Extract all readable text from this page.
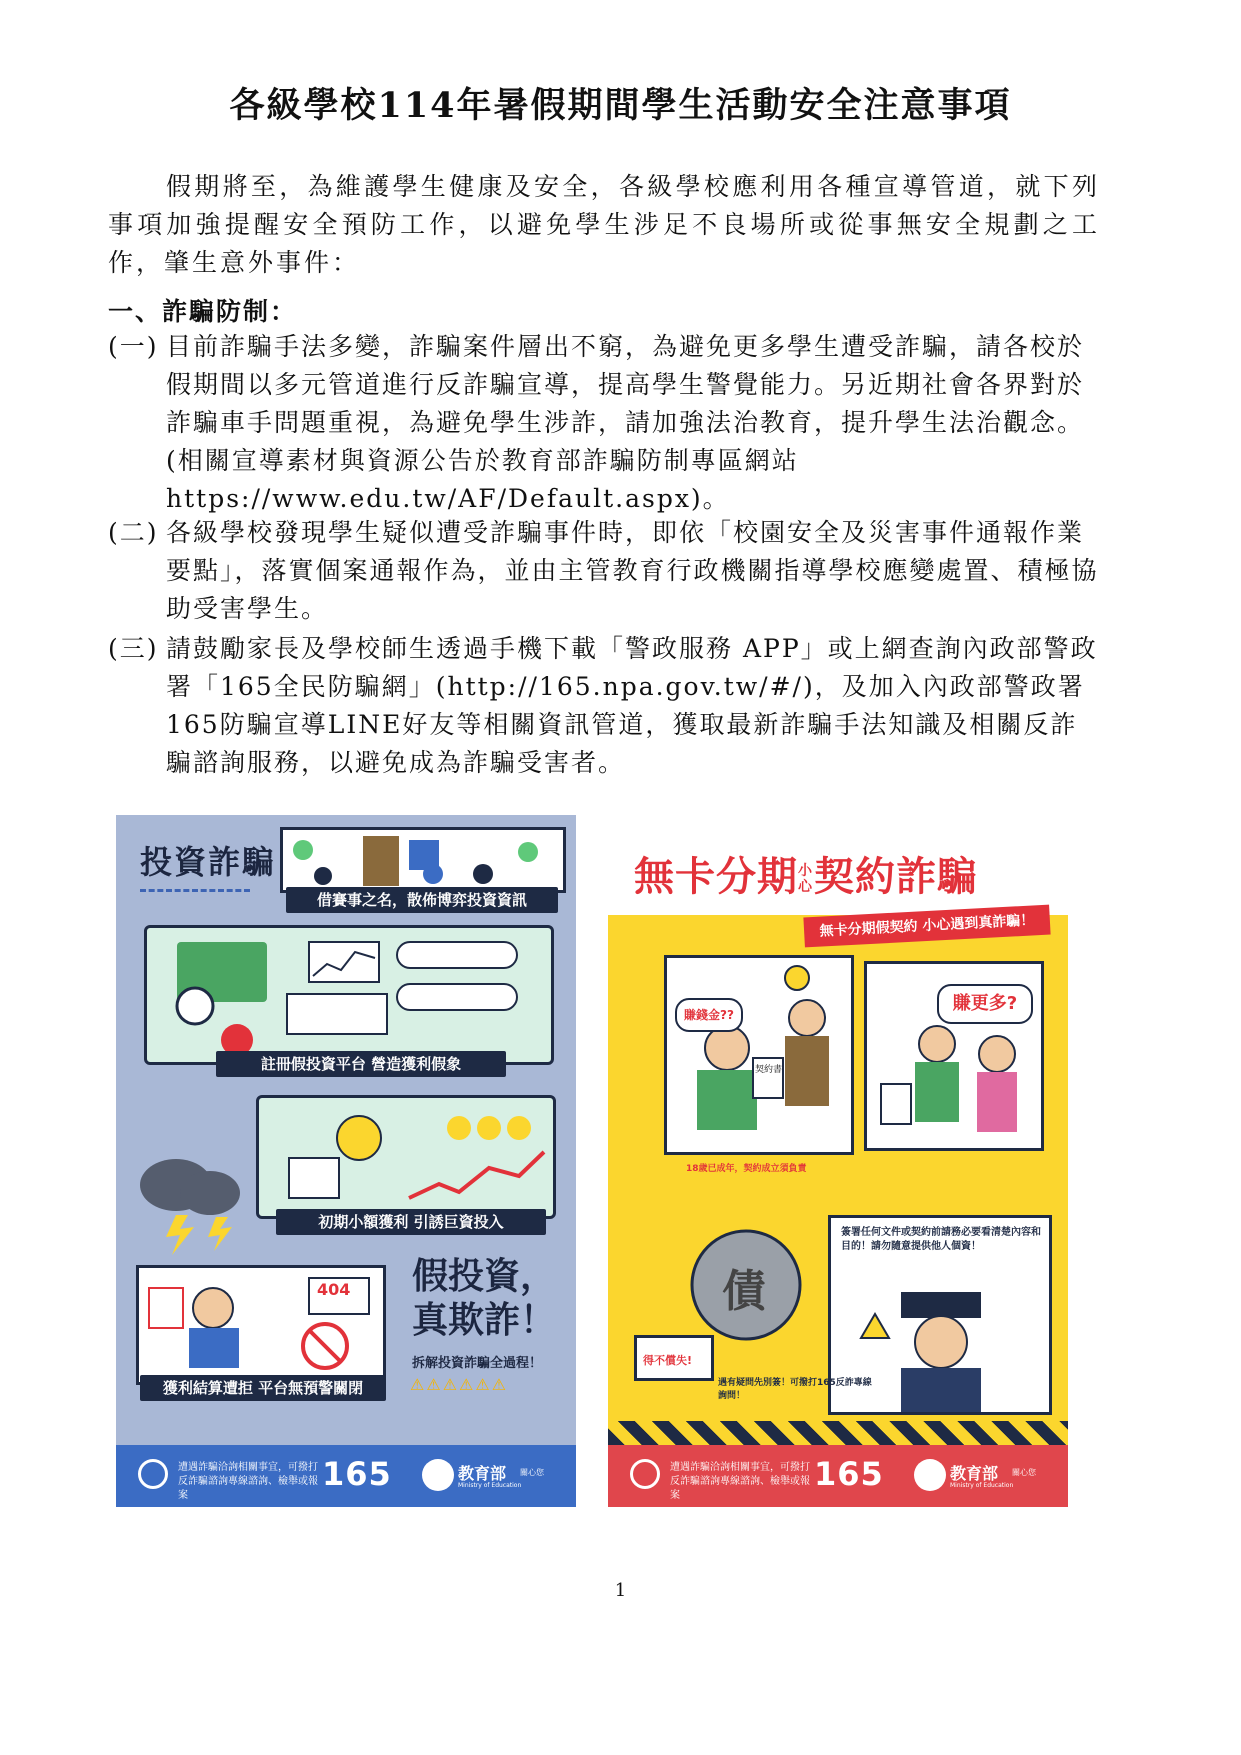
各級學校114年暑假期間學生活動安全注意事項
假期將至，為維護學生健康及安全，各級學校應利用各種宣導管道，就下列事項加強提醒安全預防工作，以避免學生涉足不良場所或從事無安全規劃之工作，肇生意外事件：
一、詐騙防制：
(一) 目前詐騙手法多變，詐騙案件層出不窮，為避免更多學生遭受詐騙，請各校於假期間以多元管道進行反詐騙宣導，提高學生警覺能力。另近期社會各界對於詐騙車手問題重視，為避免學生涉詐，請加強法治教育，提升學生法治觀念。(相關宣導素材與資源公告於教育部詐騙防制專區網站 https://www.edu.tw/AF/Default.aspx)。
(二) 各級學校發現學生疑似遭受詐騙事件時，即依「校園安全及災害事件通報作業要點」，落實個案通報作為，並由主管教育行政機關指導學校應變處置、積極協助受害學生。
(三) 請鼓勵家長及學校師生透過手機下載「警政服務 APP」或上網查詢內政部警政署「165全民防騙網」(http://165.npa.gov.tw/#/)，及加入內政部警政署165防騙宣導LINE好友等相關資訊管道，獲取最新詐騙手法知識及相關反詐騙諮詢服務，以避免成為詐騙受害者。
投資詐騙
借賽事之名，散佈博弈投資資訊
註冊假投資平台 營造獲利假象
初期小額獲利 引誘巨資投入
404
獲利結算遭拒 平台無預警關閉
假投資，
真欺詐！
拆解投資詐騙全過程！
⚠⚠⚠⚠⚠⚠
遭遇詐騙洽詢相關事宜，可撥打反詐騙諮詢專線諮詢、檢舉或報案
165	教育部
Ministry of Education
關心您
無卡分期小心契約詐騙
無卡分期假契約 小心遇到真詐騙！
賺錢金??
契約書
18歲已成年，契約成立須負責
賺更多?
債
得不償失!
簽署任何文件或契約前請務必要看清楚內容和目的！請勿隨意提供他人個資！
遇有疑問先別簽！可撥打165反詐專線詢問！
遭遇詐騙洽詢相關事宜，可撥打反詐騙諮詢專線諮詢、檢舉或報案
165	教育部
Ministry of Education
關心您
1
